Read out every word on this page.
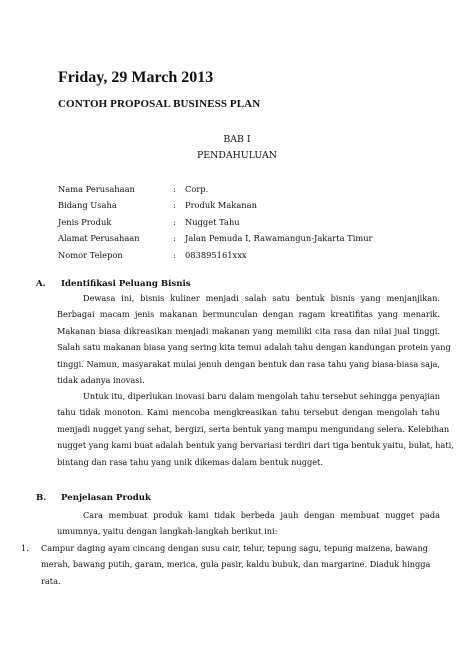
Friday, 29 March 2013
CONTOH PROPOSAL BUSINESS PLAN
BAB I
PENDAHULUAN
Nama Perusahaan	: Corp.
Bidang Usaha	: Produk Makanan
Jenis Produk	: Nugget Tahu
Alamat Perusahaan	: Jalan Pemuda I, Rawamangun-Jakarta Timur
Nomor Telepon	: 083895161xxx
A. Identifikasi Peluang Bisnis
Dewasa ini, bisnis kuliner menjadi salah satu bentuk bisnis yang menjanjikan.
Berbagai macam jenis makanan bermunculan dengan ragam kreatifitas yang menarik.
Makanan biasa dikreasikan menjadi makanan yang memiliki cita rasa dan nilai jual tinggi.
Salah satu makanan biasa yang sering kita temui adalah tahu dengan kandungan protein yang
tinggi. Namun, masyarakat mulai jenuh dengan bentuk dan rasa tahu yang biasa-biasa saja,
tidak adanya inovasi.
Untuk itu, diperlukan inovasi baru dalam mengolah tahu tersebut sehingga penyajian
tahu tidak monoton. Kami mencoba mengkreasikan tahu tersebut dengan mengolah tahu
menjadi nugget yang sehat, bergizi, serta bentuk yang mampu mengundang selera. Kelebihan
nugget yang kami buat adalah bentuk yang bervariasi terdiri dari tiga bentuk yaitu, bulat, hati,
bintang dan rasa tahu yang unik dikemas dalam bentuk nugget.
B. Penjelasan Produk
Cara membuat produk kami tidak berbeda jauh dengan membuat nugget pada
umumnya, yaitu dengan langkah-langkah berikut ini:
1.	Campur daging ayam cincang dengan susu cair, telur, tepung sagu, tepung maizena, bawang
merah, bawang putih, garam, merica, gula pasir, kaldu bubuk, dan margarine. Diaduk hingga
rata.
